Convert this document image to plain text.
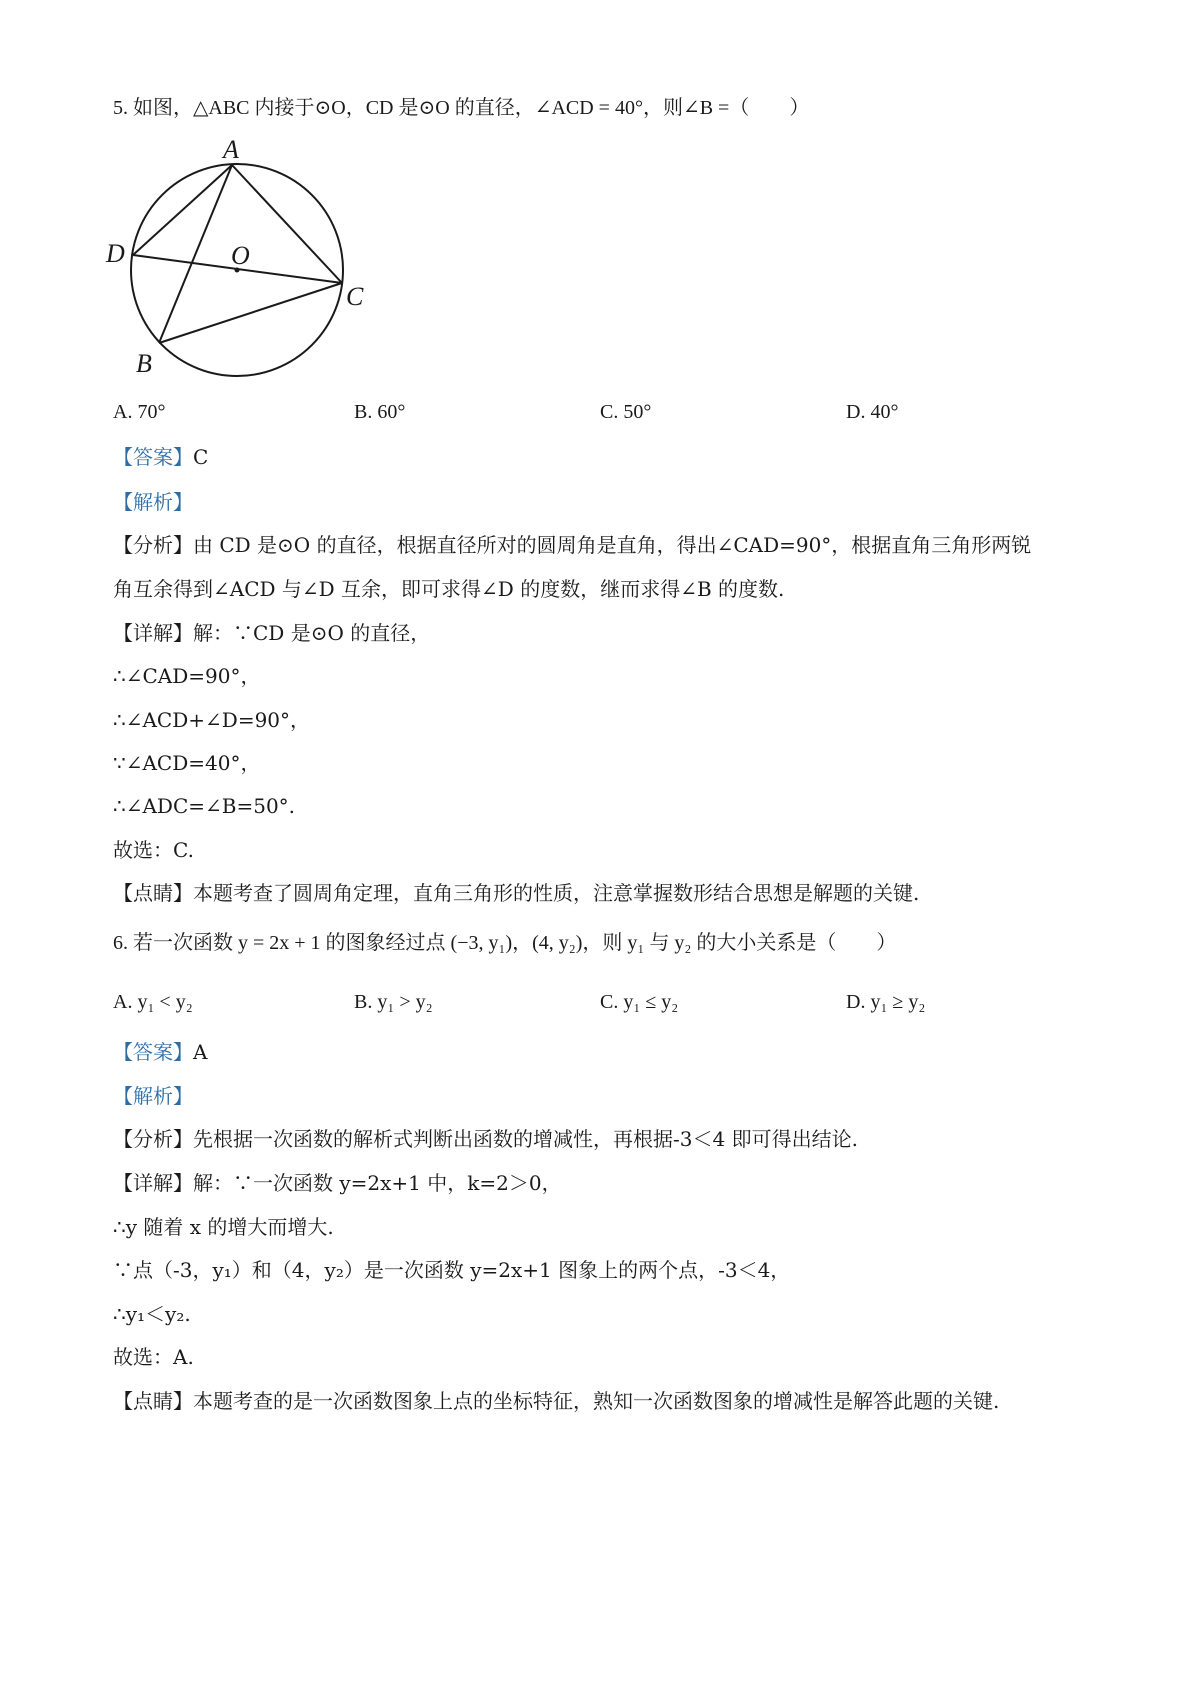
5. 如图，△ABC 内接于⊙O，CD 是⊙O 的直径，∠ACD = 40°，则∠B =（　　）
A
D	O
C
B
A. 70°	B. 60°	C. 50°	D. 40°
【答案】C
【解析】
【分析】由 CD 是⊙O 的直径，根据直径所对的圆周角是直角，得出∠CAD=90°，根据直角三角形两锐
角互余得到∠ACD 与∠D 互余，即可求得∠D 的度数，继而求得∠B 的度数.
【详解】解：∵CD 是⊙O 的直径，
∴∠CAD=90°，
∴∠ACD+∠D=90°，
∵∠ACD=40°，
∴∠ADC=∠B=50°.
故选：C.
【点睛】本题考查了圆周角定理，直角三角形的性质，注意掌握数形结合思想是解题的关键.
6. 若一次函数 y = 2x + 1 的图象经过点 (−3, y₁)，(4, y₂)，则 y₁ 与 y₂ 的大小关系是（　　）
A. y₁ < y₂	B. y₁ > y₂	C. y₁ ≤ y₂	D. y₁ ≥ y₂
【答案】A
【解析】
【分析】先根据一次函数的解析式判断出函数的增减性，再根据-3＜4 即可得出结论.
【详解】解：∵一次函数 y=2x+1 中，k=2＞0，
∴y 随着 x 的增大而增大.
∵点（-3，y₁）和（4，y₂）是一次函数 y=2x+1 图象上的两个点，-3＜4，
∴y₁＜y₂.
故选：A.
【点睛】本题考查的是一次函数图象上点的坐标特征，熟知一次函数图象的增减性是解答此题的关键.
